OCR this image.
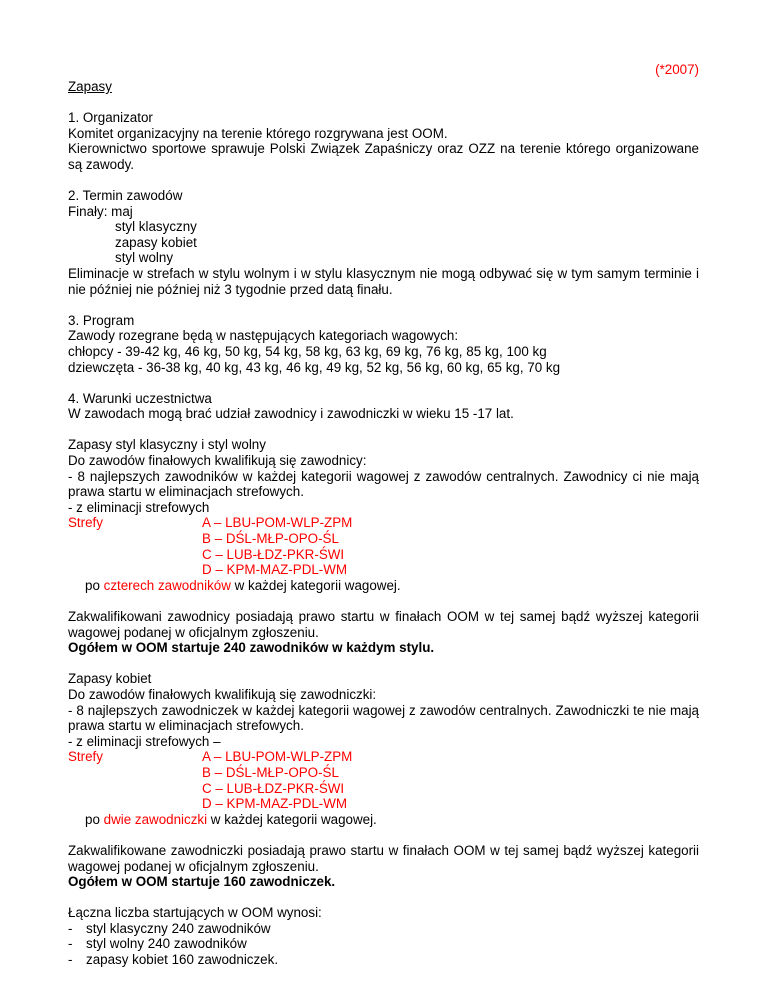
(*2007)
Zapasy

1. Organizator

Komitet organizacyjny na terenie którego rozgrywana jest OOM.

Kierownictwo sportowe sprawuje Polski Związek Zapaśniczy oraz OZZ na terenie którego organizowane są zawody.

2. Termin zawodów

Finały: maj

styl klasyczny

zapasy kobiet

styl wolny

Eliminacje w strefach w stylu wolnym i w stylu klasycznym nie mogą odbywać się w tym samym terminie i nie później nie później niż 3 tygodnie przed datą finału.

3. Program

Zawody rozegrane będą w następujących kategoriach wagowych:

chłopcy - 39-42 kg, 46 kg, 50 kg, 54 kg, 58 kg, 63 kg, 69 kg, 76 kg, 85 kg, 100 kg

dziewczęta - 36-38 kg, 40 kg, 43 kg, 46 kg, 49 kg, 52 kg, 56 kg, 60 kg, 65 kg, 70 kg

4. Warunki uczestnictwa

W zawodach mogą brać udział zawodnicy i zawodniczki w wieku 15 -17 lat.

Zapasy styl klasyczny i styl wolny

Do zawodów finałowych kwalifikują się zawodnicy:

- 8 najlepszych zawodników w każdej kategorii wagowej z zawodów centralnych. Zawodnicy ci nie mają prawa startu w eliminacjach strefowych.

- z eliminacji strefowych

Strefy	A – LBU-POM-WLP-ZPM
B – DŚL-MŁP-OPO-ŚL
C – LUB-ŁDZ-PKR-ŚWI
D – KPM-MAZ-PDL-WM

po czterech zawodników w każdej kategorii wagowej.

Zakwalifikowani zawodnicy posiadają prawo startu w finałach OOM w tej samej bądź wyższej kategorii wagowej podanej w oficjalnym zgłoszeniu.

Ogółem w OOM startuje 240 zawodników w każdym stylu.

Zapasy kobiet

Do zawodów finałowych kwalifikują się zawodniczki:

- 8 najlepszych zawodniczek w każdej kategorii wagowej z zawodów centralnych. Zawodniczki te nie mają prawa startu w eliminacjach strefowych.

- z eliminacji strefowych –

Strefy	A – LBU-POM-WLP-ZPM
B – DŚL-MŁP-OPO-ŚL
C – LUB-ŁDZ-PKR-ŚWI
D – KPM-MAZ-PDL-WM

po dwie zawodniczki w każdej kategorii wagowej.

Zakwalifikowane zawodniczki posiadają prawo startu w finałach OOM w tej samej bądź wyższej kategorii wagowej podanej w oficjalnym zgłoszeniu.

Ogółem w OOM startuje 160 zawodniczek.

Łączna liczba startujących w OOM wynosi:

- styl klasyczny 240 zawodników
- styl wolny 240 zawodników
- zapasy kobiet 160 zawodniczek.
